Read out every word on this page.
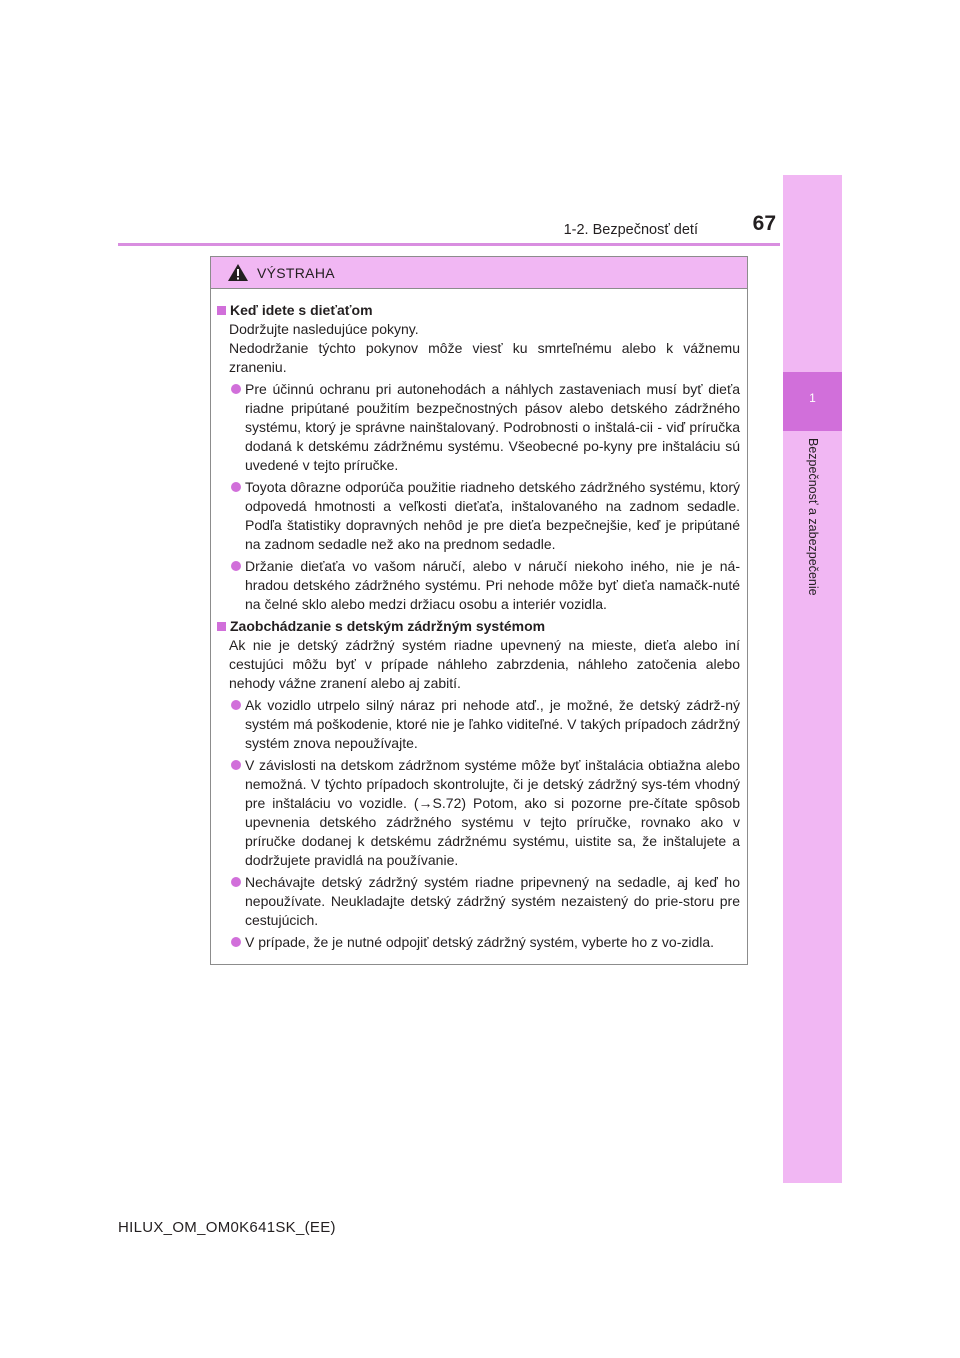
1-2. Bezpečnosť detí	67
1
Bezpečnosť a zabezpečenie
VÝSTRAHA
Keď idete s dieťaťom
Dodržujte nasledujúce pokyny.
Nedodržanie týchto pokynov môže viesť ku smrteľnému alebo k vážnemu zraneniu.
Pre účinnú ochranu pri autonehodách a náhlych zastaveniach musí byť dieťa riadne pripútané použitím bezpečnostných pásov alebo detského zádržného systému, ktorý je správne nainštalovaný. Podrobnosti o inštalá-cii - viď príručka dodaná k detskému zádržnému systému. Všeobecné po-kyny pre inštaláciu sú uvedené v tejto príručke.
Toyota dôrazne odporúča použitie riadneho detského zádržného systému, ktorý odpovedá hmotnosti a veľkosti dieťaťa, inštalovaného na zadnom sedadle. Podľa štatistiky dopravných nehôd je pre dieťa bezpečnejšie, keď je pripútané na zadnom sedadle než ako na prednom sedadle.
Držanie dieťaťa vo vašom náručí, alebo v náručí niekoho iného, nie je ná-hradou detského zádržného systému. Pri nehode môže byť dieťa namačk-nuté na čelné sklo alebo medzi držiacu osobu a interiér vozidla.
Zaobchádzanie s detským zádržným systémom
Ak nie je detský zádržný systém riadne upevnený na mieste, dieťa alebo iní cestujúci môžu byť v prípade náhleho zabrzdenia, náhleho zatočenia alebo nehody vážne zranení alebo aj zabití.
Ak vozidlo utrpelo silný náraz pri nehode atď., je možné, že detský zádrž-ný systém má poškodenie, ktoré nie je ľahko viditeľné. V takých prípadoch zádržný systém znova nepoužívajte.
V závislosti na detskom zádržnom systéme môže byť inštalácia obtiažna alebo nemožná. V týchto prípadoch skontrolujte, či je detský zádržný sys-tém vhodný pre inštaláciu vo vozidle. (→S.72) Potom, ako si pozorne pre-čítate spôsob upevnenia detského zádržného systému v tejto príručke, rovnako ako v príručke dodanej k detskému zádržnému systému, uistite sa, že inštalujete a dodržujete pravidlá na používanie.
Nechávajte detský zádržný systém riadne pripevnený na sedadle, aj keď ho nepoužívate. Neukladajte detský zádržný systém nezaistený do prie-storu pre cestujúcich.
V prípade, že je nutné odpojiť detský zádržný systém, vyberte ho z vo-zidla.
HILUX_OM_OM0K641SK_(EE)
